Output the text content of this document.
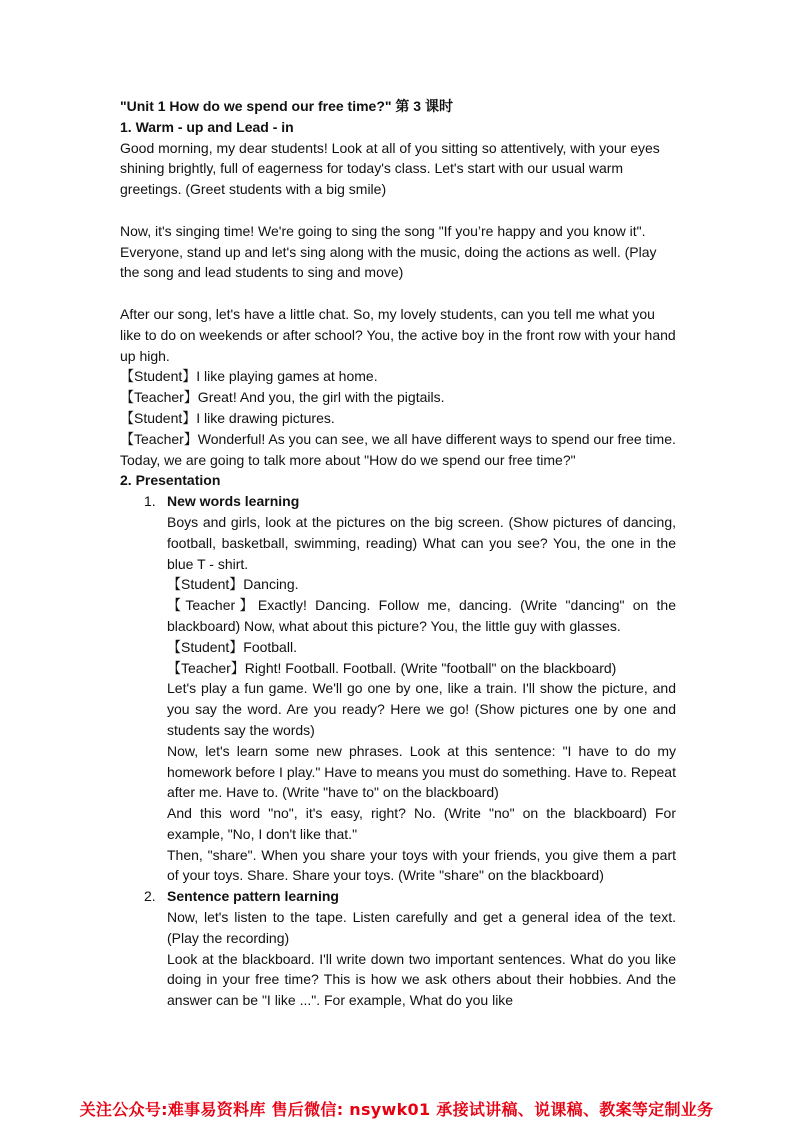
"Unit 1 How do we spend our free time?" 第 3 课时

1. Warm - up and Lead - in

Good morning, my dear students! Look at all of you sitting so attentively, with your eyes shining brightly, full of eagerness for today's class. Let's start with our usual warm greetings. (Greet students with a big smile)

Now, it's singing time! We're going to sing the song "If you’re happy and you know it". Everyone, stand up and let's sing along with the music, doing the actions as well. (Play the song and lead students to sing and move)

After our song, let's have a little chat. So, my lovely students, can you tell me what you like to do on weekends or after school? You, the active boy in the front row with your hand up high.

【Student】I like playing games at home.

【Teacher】Great! And you, the girl with the pigtails.

【Student】I like drawing pictures.

【Teacher】Wonderful! As you can see, we all have different ways to spend our free time. Today, we are going to talk more about "How do we spend our free time?"

2. Presentation

1. New words learning

Boys and girls, look at the pictures on the big screen. (Show pictures of dancing, football, basketball, swimming, reading) What can you see? You, the one in the blue T - shirt.

【Student】Dancing.

【Teacher】Exactly! Dancing. Follow me, dancing. (Write "dancing" on the blackboard) Now, what about this picture? You, the little guy with glasses.

【Student】Football.

【Teacher】Right! Football. Football. (Write "football" on the blackboard)

Let's play a fun game. We'll go one by one, like a train. I'll show the picture, and you say the word. Are you ready? Here we go! (Show pictures one by one and students say the words)

Now, let's learn some new phrases. Look at this sentence: "I have to do my homework before I play." Have to means you must do something. Have to. Repeat after me. Have to. (Write "have to" on the blackboard)

And this word "no", it's easy, right? No. (Write "no" on the blackboard) For example, "No, I don't like that."

Then, "share". When you share your toys with your friends, you give them a part of your toys. Share. Share your toys. (Write "share" on the blackboard)

2. Sentence pattern learning

Now, let's listen to the tape. Listen carefully and get a general idea of the text. (Play the recording)

Look at the blackboard. I'll write down two important sentences. What do you like doing in your free time? This is how we ask others about their hobbies. And the answer can be "I like ...". For example, What do you like

关注公众号:难事易资料库 售后微信: nsywk01 承接试讲稿、说课稿、教案等定制业务
